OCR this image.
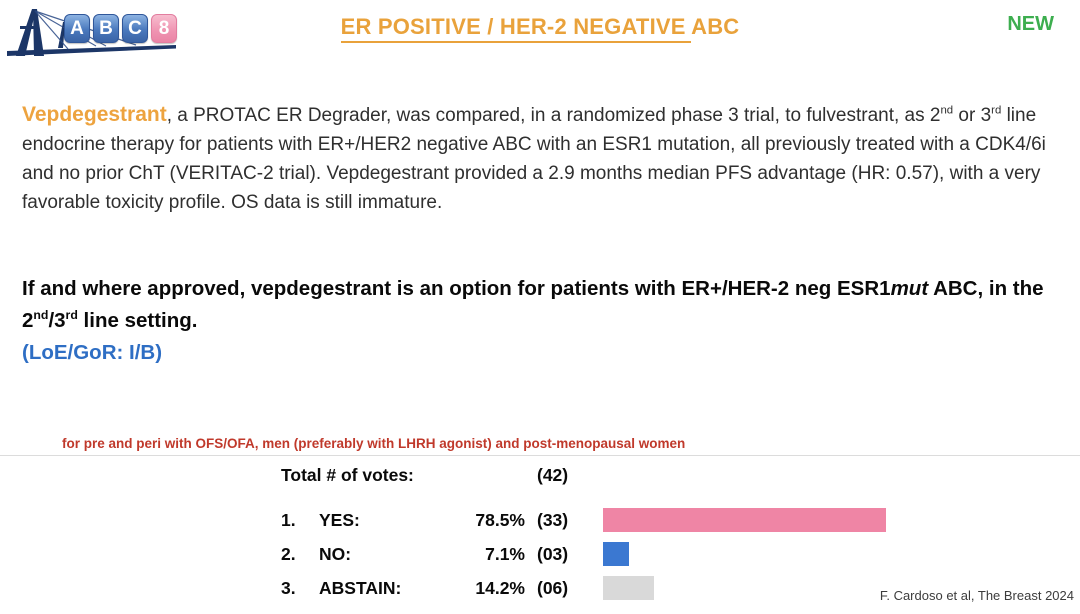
A B C 8	ER POSITIVE / HER-2 NEGATIVE ABC	NEW
Vepdegestrant, a PROTAC ER Degrader, was compared, in a randomized phase 3 trial, to fulvestrant, as 2nd or 3rd line endocrine therapy for patients with ER+/HER2 negative ABC with an ESR1 mutation, all previously treated with a CDK4/6i and no prior ChT (VERITAC-2 trial). Vepdegestrant provided a 2.9 months median PFS advantage (HR: 0.57), with a very favorable toxicity profile. OS data is still immature.
If and where approved, vepdegestrant is an option for patients with ER+/HER-2 neg ESR1mut ABC, in the 2nd/3rd line setting.
(LoE/GoR: I/B)
for pre and peri with OFS/OFA, men (preferably with LHRH agonist) and post-menopausal women
Total # of votes:	(42)
1.	YES:	78.5% (33)
2.	NO:	7.1% (03)
3.	ABSTAIN:	14.2% (06)	F. Cardoso et al, The Breast 2024
